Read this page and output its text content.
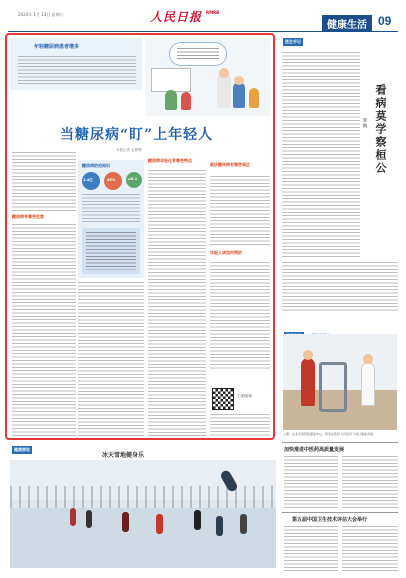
2024年 1月 13日 星期六	人民日报 RMRB
健康生活 09
年轻糖尿病患者增多
当糖尿病“盯”上年轻人
本报记者 孟繁博
糖尿病有哪些危害
糖尿病防治知识
1.4亿	45%	≥6.1
糖尿病年轻化有哪些特点
就诊糖尿病有哪些误区
年轻人该如何预防
扫码阅读
医生手记
看病莫学察桓公
宋 凯
上图：在北京某医院康复中心，患者在医护人员指导下进行康复训练。
加快推进中医药高质量发展
第五届中国卫生技术评估大会举行
健康图说
冰天雪地健身乐
